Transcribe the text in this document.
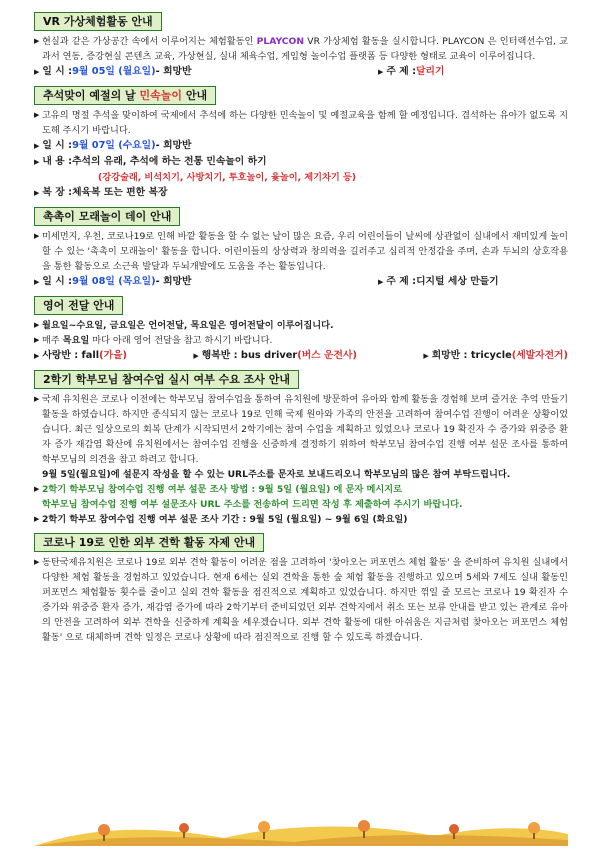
VR 가상체험활동 안내
▶ 현실과 같은 가상공간 속에서 이루어지는 체험활동인 PLAYCON VR 가상체험 활동을 실시합니다. PLAYCON 은 인터랙션수업, 교과서 연동, 증강현실 콘텐츠 교육, 가상현실, 실내 체육수업, 게임형 놀이수업 플랫폼 등 다양한 형태로 교육이 이루어집니다.
▶ 일 시 : 9월 05일 (월요일) - 희망반	▶ 주 제 : 달리기
추석맞이 예절의 날 민속놀이 안내
▶ 고유의 명절 추석을 맞이하여 국제에서 추석에 하는 다양한 민속놀이 및 예절교육을 함께 할 예정입니다. 겸석하는 유아가 없도록 지도해 주시기 바랍니다.
▶ 일 시 : 9월 07일 (수요일) - 희망반
▶ 내 용 : 추석의 유래, 추석에 하는 전통 민속놀이 하기
(강강술래, 비석치기, 사방치기, 투호놀이, 윷놀이, 제기차기 등)
▶ 복 장 : 체육복 또는 편한 복장
촉촉이 모래놀이 데이 안내
▶ 미세먼지, 우천, 코로나19로 인해 바깥 활동을 할 수 없는 날이 많은 요즘, 우리 어린이들이 날씨에 상관없이 실내에서 재미있게 놀이할 수 있는 '촉촉이 모래놀이' 활동을 합니다. 어린이들의 상상력과 창의력을 길러주고 심리적 안정감을 주며, 손과 두뇌의 상호작용을 통한 활동으로 소근육 발달과 두뇌개발에도 도움을 주는 활동입니다.
▶ 일 시 : 9월 08일 (목요일) - 희망반	▶ 주 제 : 디지털 세상 만들기
영어 전달 안내
▶ 월요일~수요일, 금요일은 언어전달, 목요일은 영어전달이 이루어집니다.
▶ 매주 목요일 마다 아래 영어 전달을 참고 하시기 바랍니다.
▶ 사랑반 : fall (가을)	▶ 행복반 : bus driver (버스 운전사)	▶ 희망반 : tricycle (세발자전거)
2학기 학부모님 참여수업 실시 여부 수요 조사 안내
▶ 국제 유치원은 코로나 이전에는 학부모님 참여수업을 통하여 유치원에 방문하여 유아와 함께 활동을 경험해 보며 즐거운 추억 만들기 활동을 하였습니다. 하지만 종식되지 않는 코로나 19로 인해 국제 원아와 가족의 안전을 고려하여 참여수업 진행이 어려운 상황이었습니다. 최근 일상으로의 회복 단계가 시작되면서 2학기에는 참여 수업을 계획하고 있었으나 코로나 19 확진자 수 증가와 위중증 환자 증가 재감염 확산에 유치원에서는 참여수업 진행을 신중하게 결정하기 위하여 학부모님 참여수업 진행 여부 설문 조사를 통하여 학부모님의 의견을 참고 하려고 합니다.
9월 5일(월요일)에 설문지 작성을 할 수 있는 URL주소를 문자로 보내드리오니 학부모님의 많은 참여 부탁드립니다.
▶ 2학기 학부모님 참여수업 진행 여부 설문 조사 방법 : 9월 5일 (월요일) 에 문자 메시지로
학부모님 참여수업 진행 여부 설문조사 URL 주소를 전송하여 드리면 작성 후 제출하여 주시기 바랍니다.
▶ 2학기 학부모 참여수업 진행 여부 설문 조사 기간 : 9월 5일 (월요일) ~ 9월 6일 (화요일)
코로나 19로 인한 외부 견학 활동 자제 안내
▶ 동탄국제유치원은 코로나 19로 외부 견학 활동이 어려운 점을 고려하여 '찾아오는 퍼포먼스 체험 활동' 을 준비하여 유치원 실내에서 다양한 체험 활동을 경험하고 있었습니다. 현재 6세는 실외 견학을 통한 숲 체험 활동을 진행하고 있으며 5세와 7세도 실내 활동인 퍼포먼스 체험활동 횟수를 줄이고 실외 견학 활동을 점진적으로 계획하고 있었습니다. 하지만 꺾일 줄 모르는 코로나 19 확진자 수 증가와 위중증 환자 증가, 재감염 증가에 따라 2학기부터 준비되었던 외부 견학지에서 취소 또는 보류 안내를 받고 있는 관계로 유아의 안전을 고려하여 외부 견학을 신중하게 계획을 세우겠습니다. 외부 견학 활동에 대한 아쉬움은 지금처럼 찾아오는 퍼포먼스 체험 활동' 으로 대체하며 견학 일정은 코로나 상황에 따라 점진적으로 진행 할 수 있도록 하겠습니다.
